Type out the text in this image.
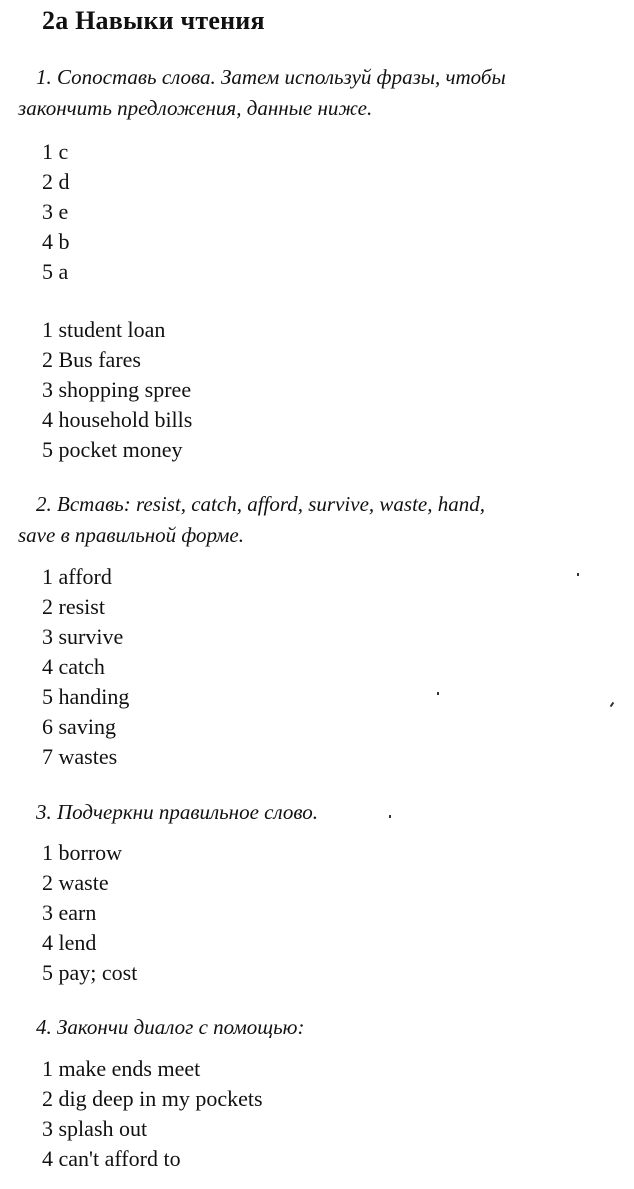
2a Навыки чтения
1. Сопоставь слова. Затем используй фразы, чтобы
закончить предложения, данные ниже.
1 c
2 d
3 e
4 b
5 a
1 student loan
2 Bus fares
3 shopping spree
4 household bills
5 pocket money
2. Вставь: resist, catch, afford, survive, waste, hand,
save в правильной форме.
1 afford
2 resist
3 survive
4 catch
5 handing
6 saving
7 wastes
3. Подчеркни правильное слово.
1 borrow
2 waste
3 earn
4 lend
5 pay; cost
4. Закончи диалог с помощью:
1 make ends meet
2 dig deep in my pockets
3 splash out
4 can't afford to
